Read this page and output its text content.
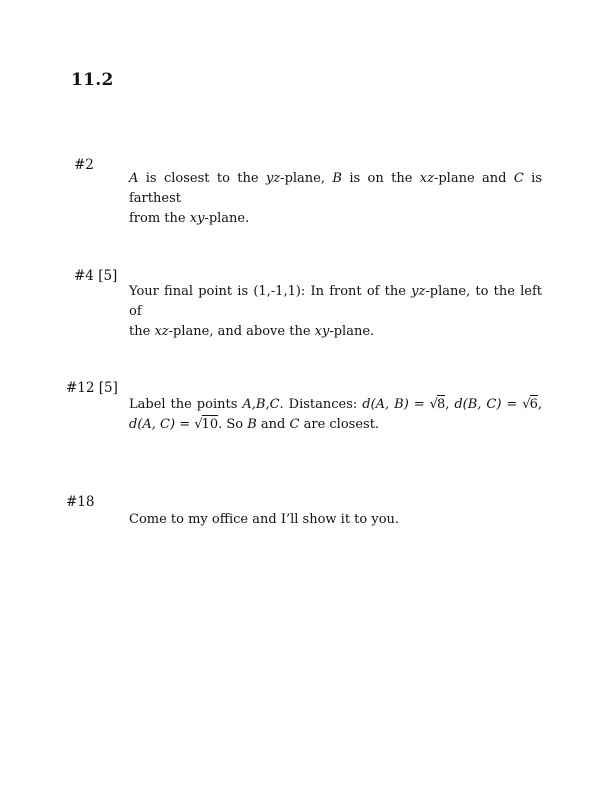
11.2
#2
A is closest to the yz-plane, B is on the xz-plane and C is farthest
from the xy-plane.
#4 [5]
Your final point is (1,-1,1): In front of the yz-plane, to the left of
the xz-plane, and above the xy-plane.
#12 [5]
Label the points A,B,C. Distances: d(A, B) = √8, d(B, C) = √6,
d(A, C) = √10. So B and C are closest.
#18
Come to my office and I’ll show it to you.
